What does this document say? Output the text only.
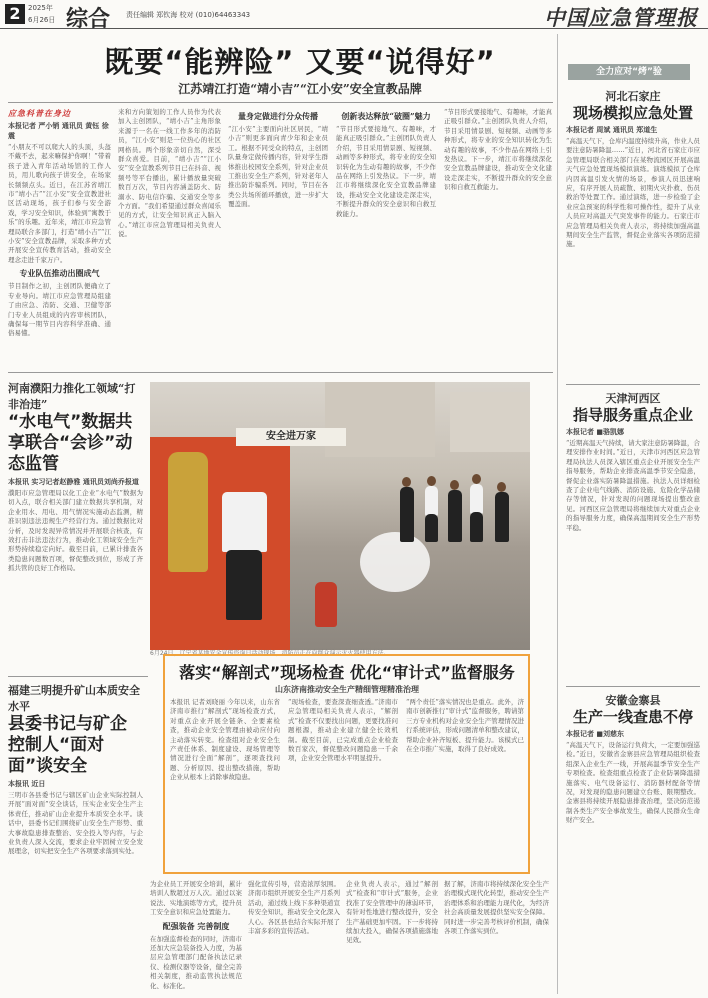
2	2025年
6月26日 综合 责任编辑 郑钦海 校对 (010)64463343	中国应急管理报
既要“能辨险” 又要“说得好”
江苏靖江打造“靖小吉”“江小安”安全宣教品牌
应急科普在身边

本报记者 严小销 通讯员 黄钰 徐震

“小朋友不可以爬大人的头顶，头盔不戴不去，起来嘛保护你啊！”带着孩子进入青年活动场馆的工作人员，用儿歌向孩子讲安全，在场家长频频点头。近日，在江苏省靖江市“靖小吉”“江小安”安全宣教进社区活动现场，孩子们参与安全游戏，学习安全知识，体验到“寓教于乐”的乐趣。近年来，靖江市应急管理局联合多部门，打造“靖小吉”“江小安”安全宣教品牌，采取多种方式开展安全宣传教育活动，推动安全理念走进千家万户。

专业队伍推动出圈成气

节目制作之初，主创团队便确立了专业导向。靖江市应急管理局组建了由应急、消防、交通、卫健等部门专业人员组成的内容审核团队，确保每一期节目内容科学准确、通俗易懂。

来和方向策划的工作人员作为代表加入主创团队，“靖小吉”主角形象来源于一名在一线工作多年的消防员，“江小安”则是一位热心的社区网格员。两个形象亲切自然，深受群众喜爱。目前，“靖小吉”“江小安”安全宣教系列节目已在抖音、视频号等平台播出，累计播放量突破数百万次，节目内容涵盖防火、防溺水、防电信诈骗、交通安全等多个方面。“我们希望通过群众喜闻乐见的方式，让安全知识真正入脑入心。”靖江市应急管理局相关负责人说。

量身定做进行分众传播

“江小安”主要面向社区居民，“靖小吉”则更多面向青少年和企业员工。根据不同受众的特点，主创团队量身定做传播内容，针对学生群体推出校园安全系列，针对企业员工推出安全生产系列，针对老年人推出防诈骗系列。同时，节目在各类公共场所循环播放，进一步扩大覆盖面。

创新表达释放“破圈”魅力

“节目形式要接地气、有趣味，才能真正吸引群众。”主创团队负责人介绍，节目采用情景剧、短视频、动画等多种形式，将专业的安全知识转化为生动有趣的故事，不少作品在网络上引发热议。下一步，靖江市将继续深化安全宣教品牌建设，推动安全文化建设走深走实，不断提升群众的安全意识和自救互救能力。

“节目形式要接地气、有趣味，才能真正吸引群众。”主创团队负责人介绍，节目采用情景剧、短视频、动画等多种形式，将专业的安全知识转化为生动有趣的故事，不少作品在网络上引发热议。下一步，靖江市将继续深化安全宣教品牌建设，推动安全文化建设走深走实，不断提升群众的安全意识和自救互救能力。

河南濮阳力推化工领域“打非治违”

“水电气”数据共享联合“会诊”动态监管

本报讯 实习记者赵静雅 通讯员刘尚乔报道

濮阳市应急管理局以化工企业“水电气”数据为切入点，联合相关部门建立数据共享机制，对企业用水、用电、用气情况实施动态监测，精准识别违法违规生产经营行为。通过数据比对分析，及时发现异常情况并开展联合核查，有效打击非法违法行为，推动化工领域安全生产形势持续稳定向好。截至目前，已累计排查各类隐患问题数百项，督促整改到位，形成了齐抓共管的良好工作格局。

福建三明提升矿山本质安全水平

县委书记与矿企控制人“面对面”谈安全

本报讯 近日

三明市各县委书记与辖区矿山企业实际控制人开展“面对面”安全谈话，压实企业安全生产主体责任，推动矿山企业提升本质安全水平。谈话中，县委书记们围绕矿山安全生产形势、重大事故隐患排查整治、安全投入等内容，与企业负责人深入交流，要求企业牢固树立安全发展理念，切实把安全生产各项要求落到实处。

安全进万家
6月24日，辽宁省某地安全宣传咨询日活动现场，消防员正在向群众演示灭火器使用方法。
落实“解剖式”现场检查 优化“审计式”监督服务
山东济南推动安全生产精细管理精准治理

本报讯 记者刘晓丽 今年以来，山东省济南市推行“解剖式”现场检查方式，对重点企业开展全链条、全要素检查，推动企业安全管理由被动应付向主动落实转变。检查组对企业安全生产责任体系、制度建设、现场管理等情况进行全面“解剖”，逐项查找问题、分析原因、提出整改措施，帮助企业从根本上消除事故隐患。

“现场检查，要查深查细查透。”济南市应急管理局相关负责人表示，“解剖式”检查不仅要找出问题，更要找准问题根源，推动企业建立健全长效机制。截至目前，已完成重点企业检查数百家次，督促整改问题隐患一千余项，企业安全管理水平明显提升。

“两个责任”落实情况也是重点。此外，济南市创新推行“审计式”监督服务，聘请第三方专业机构对企业安全生产管理情况进行系统评估，形成问题清单和整改建议，帮助企业补齐短板、提升能力。该模式已在全市推广实施，取得了良好成效。

为企业员工开展安全培训，累计培训人数超过万人次。通过以案说法、实地演练等方式，提升员工安全意识和应急处置能力。

配强装备 完善制度

在加强监督检查的同时，济南市还加大应急装备投入力度，为基层应急管理部门配备执法记录仪、检测仪器等设备，健全完善相关制度，推动监管执法规范化、标准化。

强化宣传引导，营造浓厚氛围。济南市组织开展安全生产月系列活动，通过线上线下多种渠道宣传安全知识，推动安全文化深入人心。各区县也结合实际开展了丰富多彩的宣传活动。

企业负责人表示，通过“解剖式”检查和“审计式”服务，企业找准了安全管理中的薄弱环节，有针对性地进行整改提升，安全生产基础更加牢固。下一步将持续加大投入，确保各项措施落地见效。

据了解，济南市将持续深化安全生产治理模式现代化转型，推动安全生产治理体系和治理能力现代化，为经济社会高质量发展提供坚实安全保障。同时进一步完善考核评价机制，确保各项工作落实到位。

全力应对“烤”验

河北石家庄

现场模拟应急处置

本报记者 周斌 通讯员 郑道生

“高温天气下，仓库内温度持续升高，作业人员要注意防暑降温……”近日，河北省石家庄市应急管理局联合相关部门在某物流园区开展高温天气应急处置现场模拟演练。演练模拟了仓库内因高温引发火情的场景，参演人员迅速响应，有序开展人员疏散、初期火灾扑救、伤员救治等处置工作。通过演练，进一步检验了企业应急预案的科学性和可操作性，提升了从业人员应对高温天气突发事件的能力。石家庄市应急管理局相关负责人表示，将持续加强高温期间安全生产监管，督促企业落实各项防范措施。

天津河西区

指导服务重点企业

本报记者 ■骆凯娜

“近期高温天气持续，请大家注意防暑降温，合理安排作业时间。”近日，天津市河西区应急管理局执法人员深入辖区重点企业开展安全生产指导服务，帮助企业排查高温季节安全隐患，督促企业落实防暑降温措施。执法人员详细检查了企业电气线路、消防设施、危险化学品储存等情况，针对发现的问题现场提出整改意见。河西区应急管理局将继续加大对重点企业的指导服务力度，确保高温期间安全生产形势平稳。

安徽金寨县

生产一线查患不停

本报记者 ■刘慈东

“高温天气下，设备运行负荷大，一定要加强巡检。”近日，安徽省金寨县应急管理局组织检查组深入企业生产一线，开展高温季节安全生产专项检查。检查组重点检查了企业防暑降温措施落实、电气设备运行、消防器材配备等情况，对发现的隐患问题建立台账、限期整改。金寨县将持续开展隐患排查治理，坚决防范遏制各类生产安全事故发生，确保人民群众生命财产安全。
